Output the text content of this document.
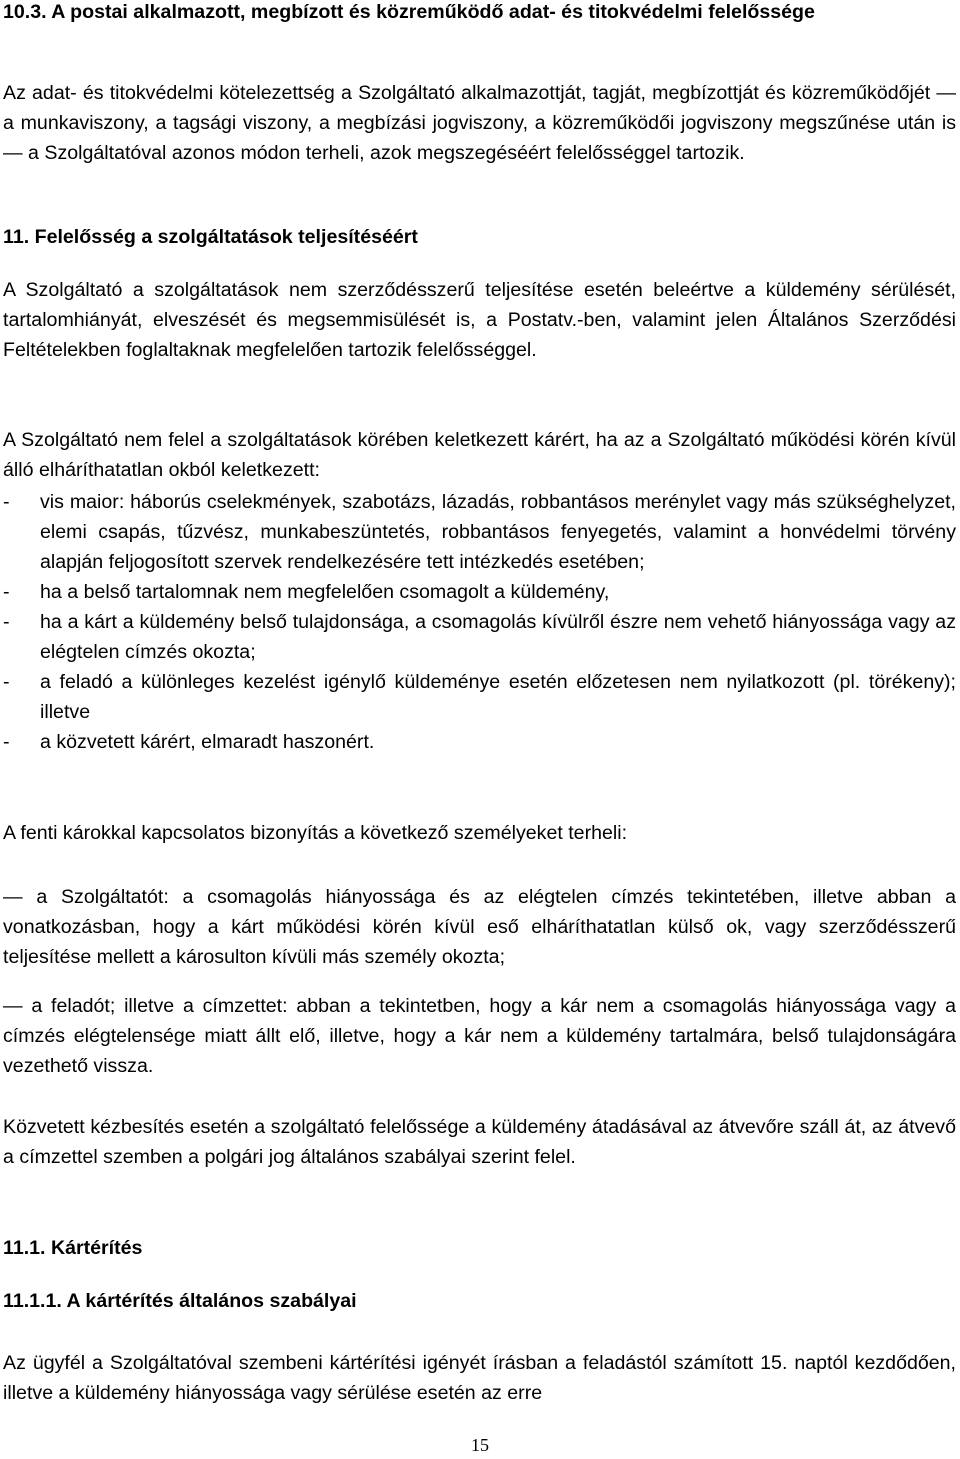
10.3. A postai alkalmazott, megbízott és közreműködő adat- és titokvédelmi felelőssége

Az adat- és titokvédelmi kötelezettség a Szolgáltató alkalmazottját, tagját, megbízottját és közreműködőjét — a munkaviszony, a tagsági viszony, a megbízási jogviszony, a közreműködői jogviszony megszűnése után is — a Szolgáltatóval azonos módon terheli, azok megszegéséért felelősséggel tartozik.

11. Felelősség a szolgáltatások teljesítéséért

A Szolgáltató a szolgáltatások nem szerződésszerű teljesítése esetén beleértve a küldemény sérülését, tartalomhiányát, elveszését és megsemmisülését is, a Postatv.-ben, valamint jelen Általános Szerződési Feltételekben foglaltaknak megfelelően tartozik felelősséggel.

A Szolgáltató nem felel a szolgáltatások körében keletkezett kárért, ha az a Szolgáltató működési körén kívül álló elháríthatatlan okból keletkezett:

-	vis maior: háborús cselekmények, szabotázs, lázadás, robbantásos merénylet vagy más szükséghelyzet, elemi csapás, tűzvész, munkabeszüntetés, robbantásos fenyegetés, valamint a honvédelmi törvény alapján feljogosított szervek rendelkezésére tett intézkedés esetében;
-	ha a belső tartalomnak nem megfelelően csomagolt a küldemény,
-	ha a kárt a küldemény belső tulajdonsága, a csomagolás kívülről észre nem vehető hiányossága vagy az elégtelen címzés okozta;
-	a feladó a különleges kezelést igénylő küldeménye esetén előzetesen nem nyilatkozott (pl. törékeny); illetve
-	a közvetett kárért, elmaradt haszonért.

A fenti károkkal kapcsolatos bizonyítás a következő személyeket terheli:

— a Szolgáltatót: a csomagolás hiányossága és az elégtelen címzés tekintetében, illetve abban a vonatkozásban, hogy a kárt működési körén kívül eső elháríthatatlan külső ok, vagy szerződésszerű teljesítése mellett a károsulton kívüli más személy okozta;

— a feladót; illetve a címzettet: abban a tekintetben, hogy a kár nem a csomagolás hiányossága vagy a címzés elégtelensége miatt állt elő, illetve, hogy a kár nem a küldemény tartalmára, belső tulajdonságára vezethető vissza.

Közvetett kézbesítés esetén a szolgáltató felelőssége a küldemény átadásával az átvevőre száll át, az átvevő a címzettel szemben a polgári jog általános szabályai szerint felel.

11.1. Kártérítés

11.1.1. A kártérítés általános szabályai

Az ügyfél a Szolgáltatóval szembeni kártérítési igényét írásban a feladástól számított 15. naptól kezdődően, illetve a küldemény hiányossága vagy sérülése esetén az erre

15
